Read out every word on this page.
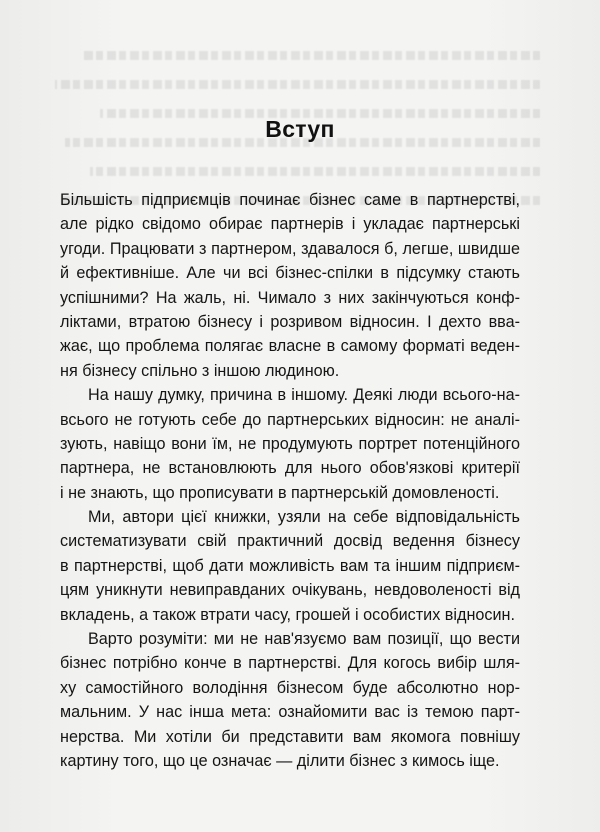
Вступ

Більшість підприємців починає бізнес саме в партнерстві,
але рідко свідомо обирає партнерів і укладає партнерські
угоди. Працювати з партнером, здавалося б, легше, швидше
й ефективніше. Але чи всі бізнес-спілки в підсумку стають
успішними? На жаль, ні. Чимало з них закінчуються конф-
ліктами, втратою бізнесу і розривом відносин. І дехто вва-
жає, що проблема полягає власне в самому форматі веден-
ня бізнесу спільно з іншою людиною.

На нашу думку, причина в іншому. Деякі люди всього-на-
всього не готують себе до партнерських відносин: не аналі-
зують, навіщо вони їм, не продумують портрет потенційного
партнера, не встановлюють для нього обов'язкові критерії
і не знають, що прописувати в партнерській домовленості.

Ми, автори цієї книжки, узяли на себе відповідальність
систематизувати свій практичний досвід ведення бізнесу
в партнерстві, щоб дати можливість вам та іншим підприєм-
цям уникнути невиправданих очікувань, невдоволеності від
вкладень, а також втрати часу, грошей і особистих відносин.

Варто розуміти: ми не нав'язуємо вам позиції, що вести
бізнес потрібно конче в партнерстві. Для когось вибір шля-
ху самостійного володіння бізнесом буде абсолютно нор-
мальним. У нас інша мета: ознайомити вас із темою парт-
нерства. Ми хотіли би представити вам якомога повнішу
картину того, що це означає — ділити бізнес з кимось іще.
